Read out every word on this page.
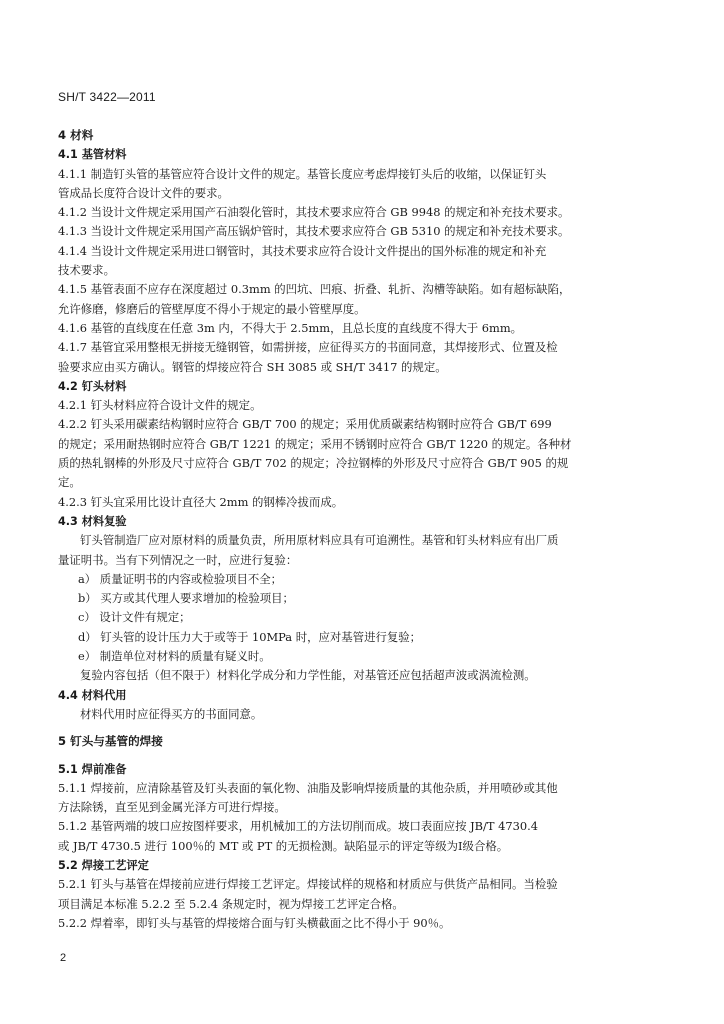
SH/T 3422—2011
4 材料
4.1 基管材料
4.1.1 制造钉头管的基管应符合设计文件的规定。基管长度应考虑焊接钉头后的收缩，以保证钉头
管成品长度符合设计文件的要求。
4.1.2 当设计文件规定采用国产石油裂化管时，其技术要求应符合 GB 9948 的规定和补充技术要求。
4.1.3 当设计文件规定采用国产高压锅炉管时，其技术要求应符合 GB 5310 的规定和补充技术要求。
4.1.4 当设计文件规定采用进口钢管时，其技术要求应符合设计文件提出的国外标准的规定和补充
技术要求。
4.1.5 基管表面不应存在深度超过 0.3mm 的凹坑、凹痕、折叠、轧折、沟槽等缺陷。如有超标缺陷，
允许修磨，修磨后的管壁厚度不得小于规定的最小管壁厚度。
4.1.6 基管的直线度在任意 3m 内，不得大于 2.5mm，且总长度的直线度不得大于 6mm。
4.1.7 基管宜采用整根无拼接无缝钢管，如需拼接，应征得买方的书面同意，其焊接形式、位置及检
验要求应由买方确认。钢管的焊接应符合 SH 3085 或 SH/T 3417 的规定。
4.2 钉头材料
4.2.1 钉头材料应符合设计文件的规定。
4.2.2 钉头采用碳素结构钢时应符合 GB/T 700 的规定；采用优质碳素结构钢时应符合 GB/T 699
的规定；采用耐热钢时应符合 GB/T 1221 的规定；采用不锈钢时应符合 GB/T 1220 的规定。各种材
质的热轧钢棒的外形及尺寸应符合 GB/T 702 的规定；冷拉钢棒的外形及尺寸应符合 GB/T 905 的规
定。
4.2.3 钉头宜采用比设计直径大 2mm 的钢棒冷拔而成。
4.3 材料复验
钉头管制造厂应对原材料的质量负责，所用原材料应具有可追溯性。基管和钉头材料应有出厂质
量证明书。当有下列情况之一时，应进行复验：
a） 质量证明书的内容或检验项目不全；
b） 买方或其代理人要求增加的检验项目；
c） 设计文件有规定；
d） 钉头管的设计压力大于或等于 10MPa 时，应对基管进行复验；
e） 制造单位对材料的质量有疑义时。
复验内容包括（但不限于）材料化学成分和力学性能，对基管还应包括超声波或涡流检测。
4.4 材料代用
材料代用时应征得买方的书面同意。
5 钉头与基管的焊接
5.1 焊前准备
5.1.1 焊接前，应清除基管及钉头表面的氧化物、油脂及影响焊接质量的其他杂质，并用喷砂或其他
方法除锈，直至见到金属光泽方可进行焊接。
5.1.2 基管两端的坡口应按图样要求，用机械加工的方法切削而成。坡口表面应按 JB/T 4730.4
或 JB/T 4730.5 进行 100％的 MT 或 PT 的无损检测。缺陷显示的评定等级为Ⅰ级合格。
5.2 焊接工艺评定
5.2.1 钉头与基管在焊接前应进行焊接工艺评定。焊接试样的规格和材质应与供货产品相同。当检验
项目满足本标准 5.2.2 至 5.2.4 条规定时，视为焊接工艺评定合格。
5.2.2 焊着率，即钉头与基管的焊接熔合面与钉头横截面之比不得小于 90％。
2
